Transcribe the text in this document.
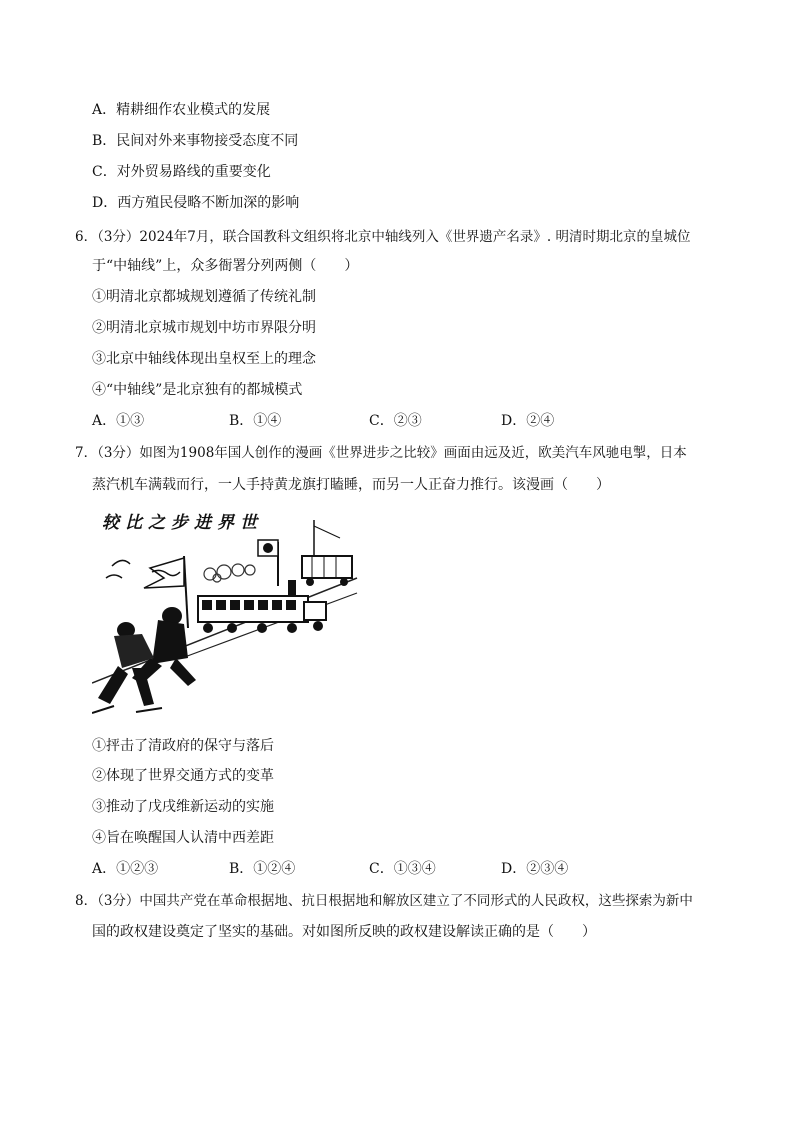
A．精耕细作农业模式的发展
B．民间对外来事物接受态度不同
C．对外贸易路线的重要变化
D．西方殖民侵略不断加深的影响
6．（3分）2024年7月，联合国教科文组织将北京中轴线列入《世界遗产名录》. 明清时期北京的皇城位
于“中轴线”上，众多衙署分列两侧（　　）
①明清北京都城规划遵循了传统礼制
②明清北京城市规划中坊市界限分明
③北京中轴线体现出皇权至上的理念
④“中轴线”是北京独有的都城模式
A．①③	B．①④	C．②③	D．②④
7．（3分）如图为1908年国人创作的漫画《世界进步之比较》画面由远及近，欧美汽车风驰电掣，日本
蒸汽机车满载而行，一人手持黄龙旗打瞌睡，而另一人正奋力推行。该漫画（　　）
较比之步进界世
①抨击了清政府的保守与落后
②体现了世界交通方式的变革
③推动了戊戌维新运动的实施
④旨在唤醒国人认清中西差距
A．①②③	B．①②④	C．①③④	D．②③④
8．（3分）中国共产党在革命根据地、抗日根据地和解放区建立了不同形式的人民政权，这些探索为新中
国的政权建设奠定了坚实的基础。对如图所反映的政权建设解读正确的是（　　）
